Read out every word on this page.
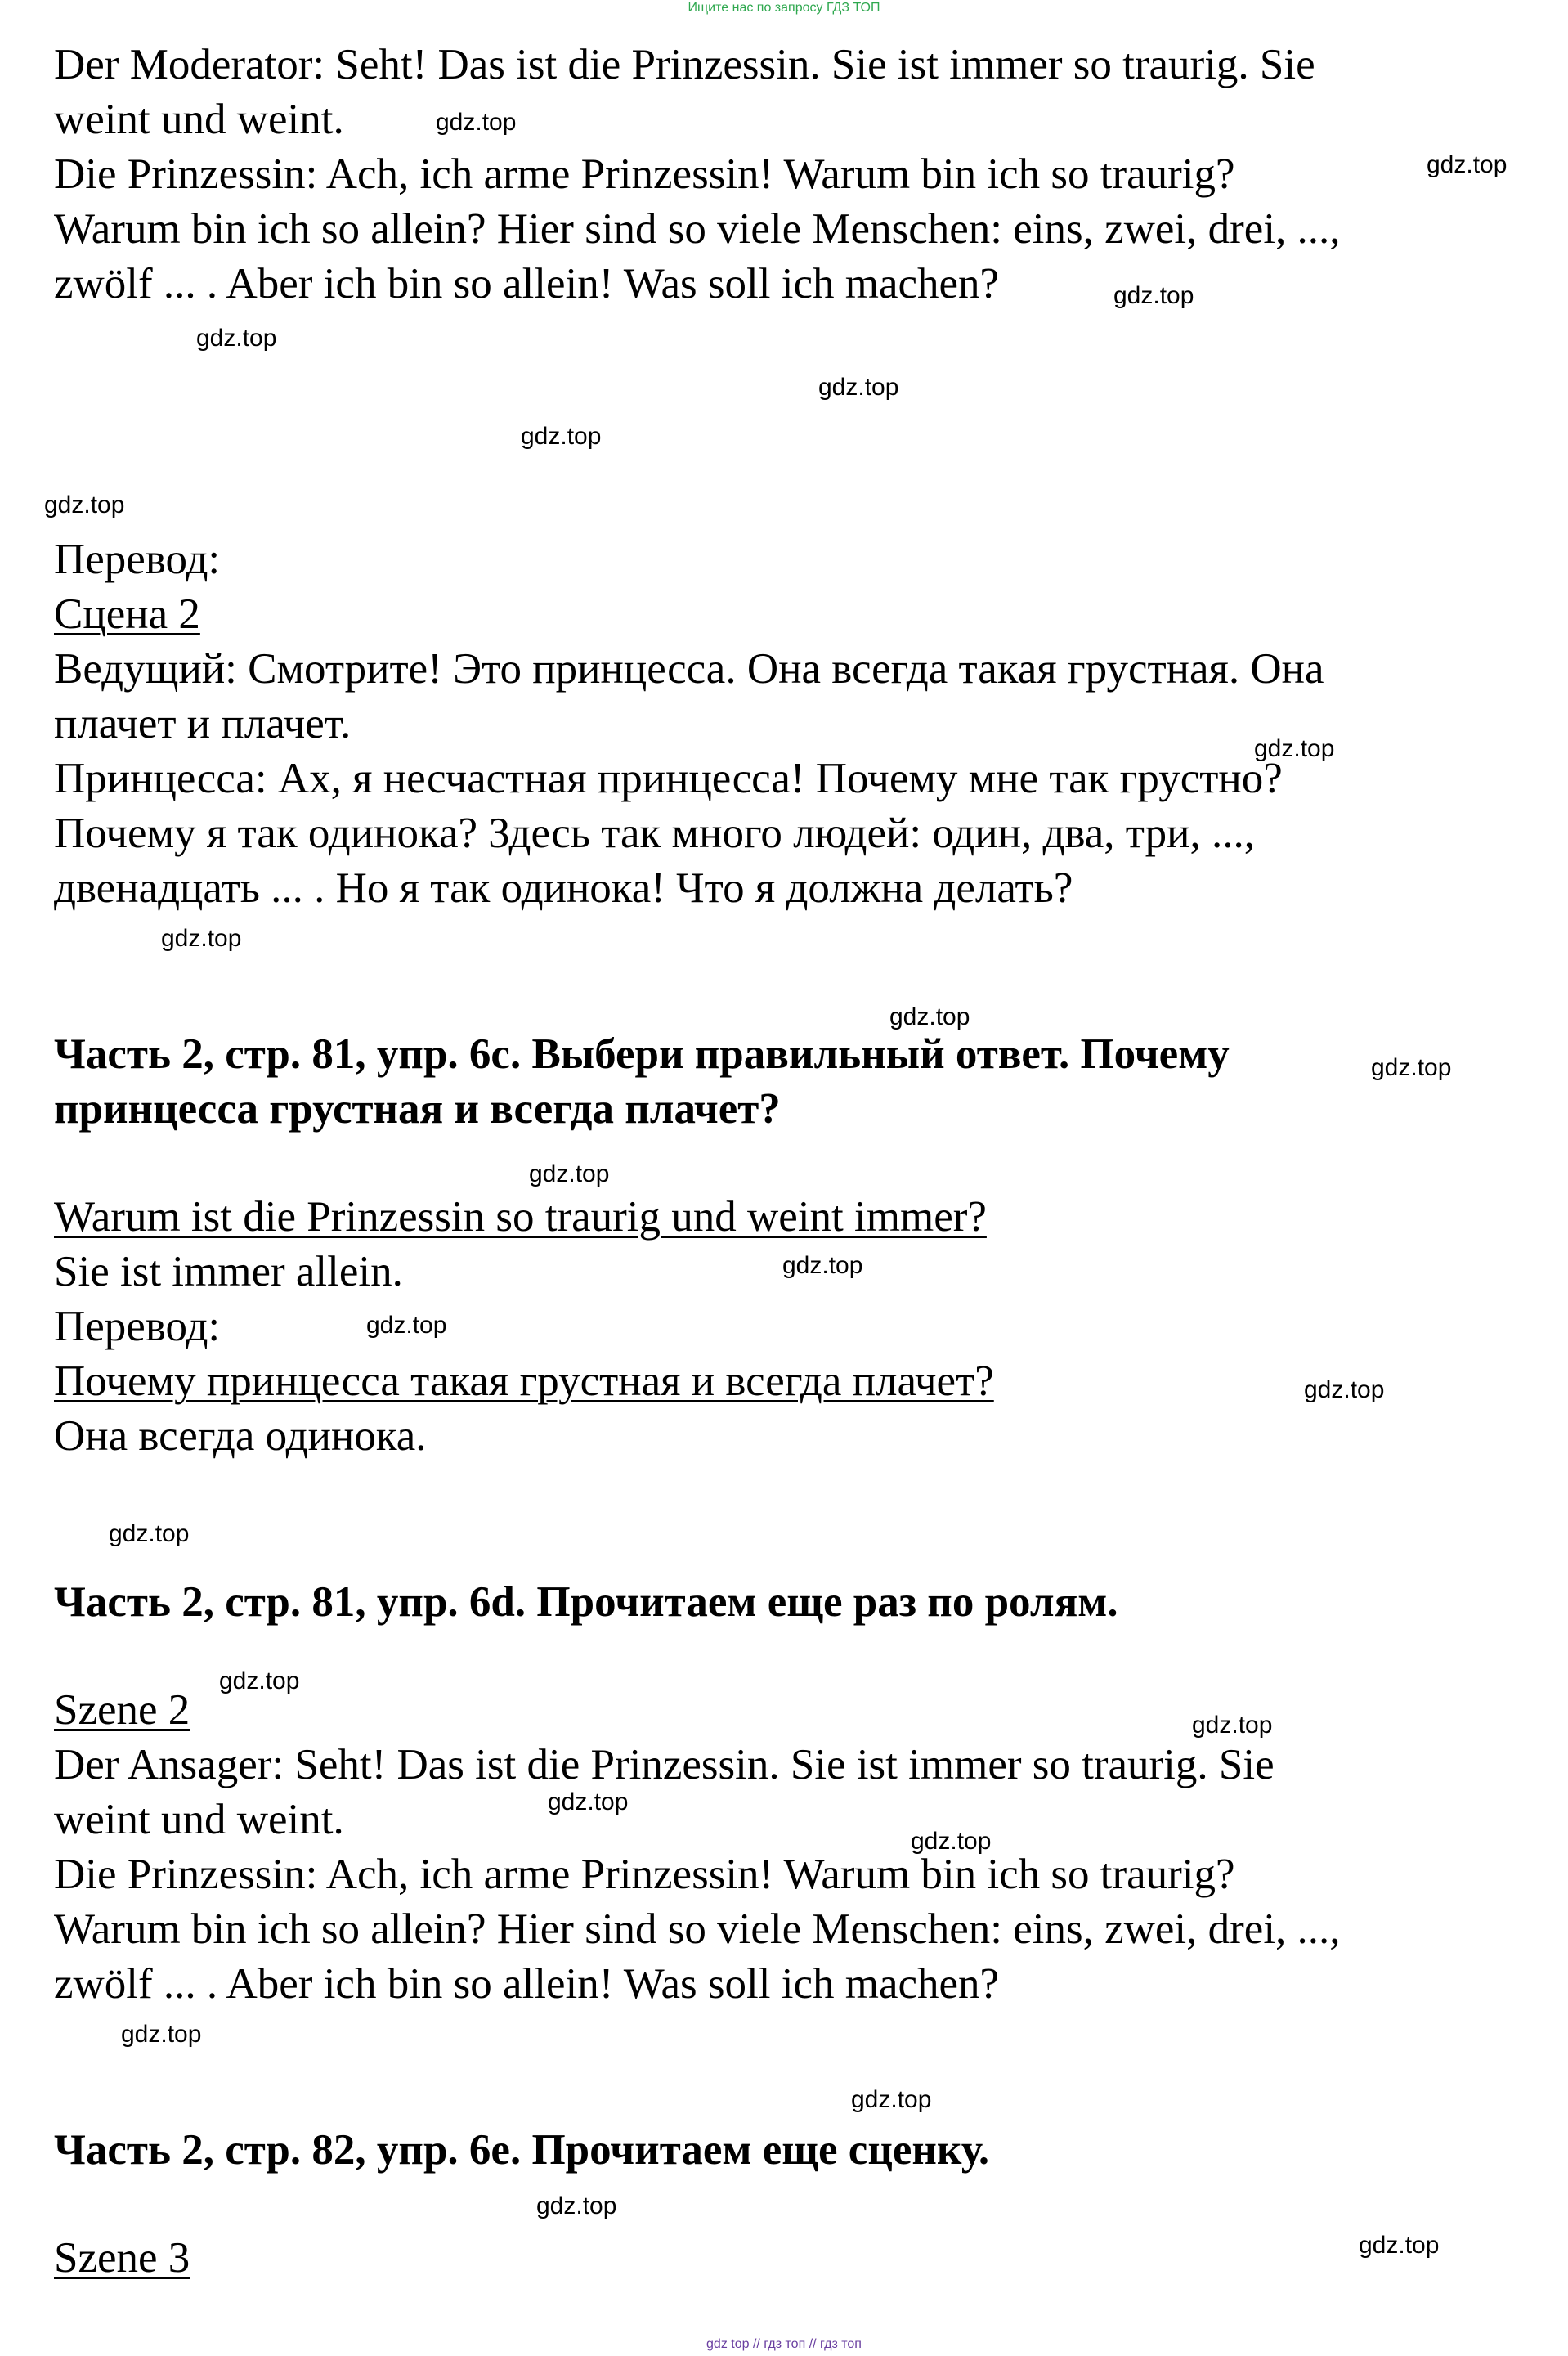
Ищите нас по запросу ГДЗ ТОП

Der Moderator: Seht! Das ist die Prinzessin. Sie ist immer so traurig. Sie

weint und weint.

Die Prinzessin: Ach, ich arme Prinzessin! Warum bin ich so traurig?

Warum bin ich so allein? Hier sind so viele Menschen: eins, zwei, drei, ...,

zwölf ... . Aber ich bin so allein! Was soll ich machen?

Перевод:

Сцена 2

Ведущий: Смотрите! Это принцесса. Она всегда такая грустная. Она

плачет и плачет.

Принцесса: Ах, я несчастная принцесса! Почему мне так грустно?

Почему я так одинока? Здесь так много людей: один, два, три, ...,

двенадцать ... . Но я так одинока! Что я должна делать?

Часть 2, стр. 81, упр. 6c. Выбери правильный ответ. Почему

принцесса грустная и всегда плачет?

Warum ist die Prinzessin so traurig und weint immer?

Sie ist immer allein.

Перевод:

Почему принцесса такая грустная и всегда плачет?

Она всегда одинока.

Часть 2, стр. 81, упр. 6d. Прочитаем еще раз по ролям.

Szene 2

Der Ansager: Seht! Das ist die Prinzessin. Sie ist immer so traurig. Sie

weint und weint.

Die Prinzessin: Ach, ich arme Prinzessin! Warum bin ich so traurig?

Warum bin ich so allein? Hier sind so viele Menschen: eins, zwei, drei, ...,

zwölf ... . Aber ich bin so allein! Was soll ich machen?

Часть 2, стр. 82, упр. 6e. Прочитаем еще сценку.

Szene 3

gdz.top
gdz.top
gdz.top
gdz.top
gdz.top
gdz.top
gdz.top
gdz.top
gdz.top
gdz.top
gdz.top
gdz.top
gdz.top
gdz.top
gdz.top
gdz.top
gdz.top
gdz.top
gdz.top
gdz.top
gdz.top
gdz.top
gdz.top
gdz.top
gdz top // гдз топ // гдз топ
